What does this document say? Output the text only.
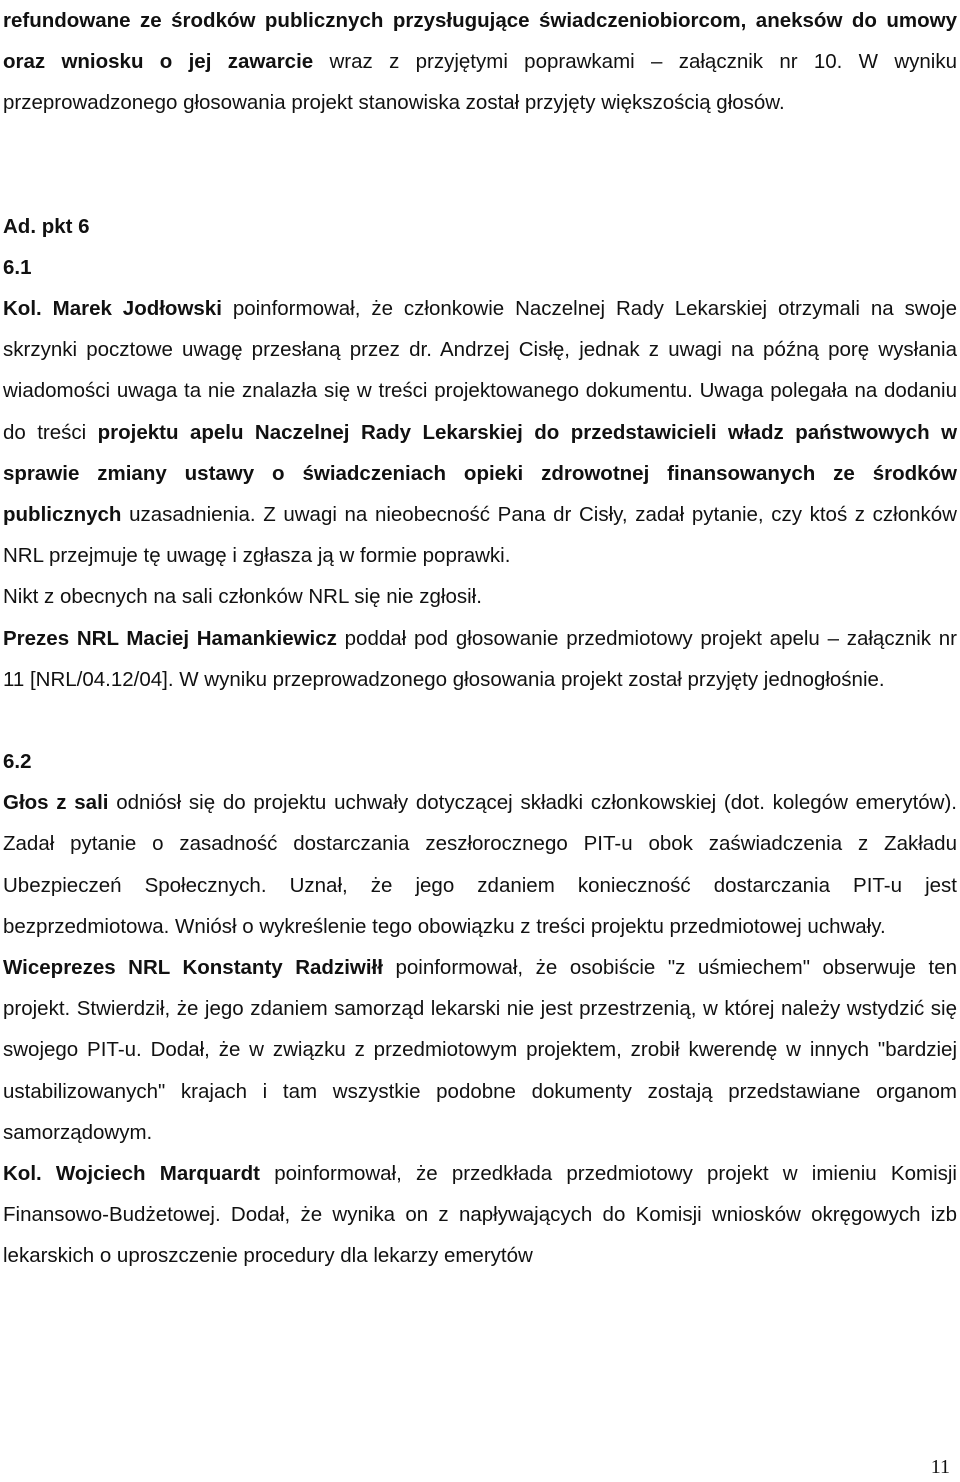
refundowane ze środków publicznych przysługujące świadczeniobiorcom, aneksów do umowy oraz wniosku o jej zawarcie wraz z przyjętymi poprawkami – załącznik nr 10. W wyniku przeprowadzonego głosowania projekt stanowiska został przyjęty większością głosów.

Ad. pkt 6

6.1

Kol. Marek Jodłowski poinformował, że członkowie Naczelnej Rady Lekarskiej otrzymali na swoje skrzynki pocztowe uwagę przesłaną przez dr. Andrzej Cisłę, jednak z uwagi na późną porę wysłania wiadomości uwaga ta nie znalazła się w treści projektowanego dokumentu. Uwaga polegała na dodaniu do treści projektu apelu Naczelnej Rady Lekarskiej do przedstawicieli władz państwowych w sprawie zmiany ustawy o świadczeniach opieki zdrowotnej finansowanych ze środków publicznych uzasadnienia. Z uwagi na nieobecność Pana dr Cisły, zadał pytanie, czy ktoś z członków NRL przejmuje tę uwagę i zgłasza ją w formie poprawki.

Nikt z obecnych na sali członków NRL się nie zgłosił.

Prezes NRL Maciej Hamankiewicz poddał pod głosowanie przedmiotowy projekt apelu – załącznik nr 11 [NRL/04.12/04]. W wyniku przeprowadzonego głosowania projekt został przyjęty jednogłośnie.

6.2

Głos z sali odniósł się do projektu uchwały dotyczącej składki członkowskiej (dot. kolegów emerytów). Zadał pytanie o zasadność dostarczania zeszłorocznego PIT-u obok zaświadczenia z Zakładu Ubezpieczeń Społecznych. Uznał, że jego zdaniem konieczność dostarczania PIT-u jest bezprzedmiotowa. Wniósł o wykreślenie tego obowiązku z treści projektu przedmiotowej uchwały.

Wiceprezes NRL Konstanty Radziwiłł poinformował, że osobiście "z uśmiechem" obserwuje ten projekt. Stwierdził, że jego zdaniem samorząd lekarski nie jest przestrzenią, w której należy wstydzić się swojego PIT-u. Dodał, że w związku z przedmiotowym projektem, zrobił kwerendę w innych "bardziej ustabilizowanych" krajach i tam wszystkie podobne dokumenty zostają przedstawiane organom samorządowym.

Kol. Wojciech Marquardt poinformował, że przedkłada przedmiotowy projekt w imieniu Komisji Finansowo-Budżetowej. Dodał, że wynika on z napływających do Komisji wniosków okręgowych izb lekarskich o uproszczenie procedury dla lekarzy emerytów

11
